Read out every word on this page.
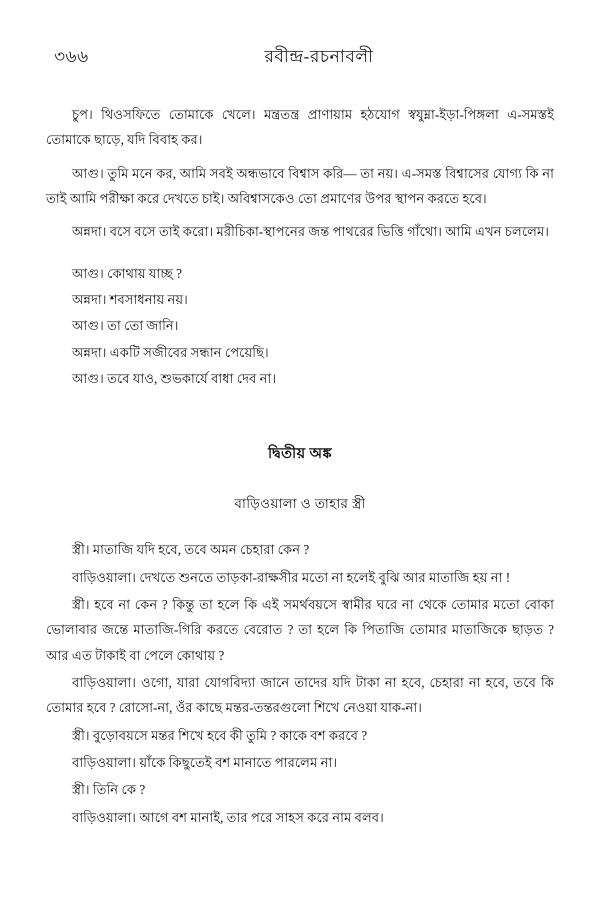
৩৬৬	রবীন্দ্র-রচনাবলী

চুপ। থিওসফিতে তোমাকে খেলে। মন্ত্রতন্ত্র প্রাণায়াম হঠযোগ স্বযুম্না-ইড়া-পিঙ্গলা এ-সমস্তই তোমাকে ছাড়ে, যদি বিবাহ কর।

আগু। তুমি মনে কর, আমি সবই অন্ধভাবে বিশ্বাস করি— তা নয়। এ-সমস্ত বিশ্বাসের যোগ্য কি না তাই আমি পরীক্ষা করে দেখতে চাই। অবিশ্বাসকেও তো প্রমাণের উপর স্থাপন করতে হবে।

অন্নদা। বসে বসে তাই করো। মরীচিকা-স্থাপনের জন্ত পাথরের ভিত্তি গাঁথো। আমি এখন চললেম।

আগু। কোথায় যাচ্ছ ?

অন্নদা। শবসাধনায় নয়।

আগু। তা তো জানি।

অন্নদা। একটি সজীবের সন্ধান পেয়েছি।

আগু। তবে যাও, শুভকার্যে বাধা দেব না।

দ্বিতীয় অঙ্ক

বাড়িওয়ালা ও তাহার স্ত্রী

স্ত্রী। মাতাজি যদি হবে, তবে অমন চেহারা কেন ?

বাড়িওয়ালা। দেখতে শুনতে তাড়কা-রাক্ষসীর মতো না হলেই বুঝি আর মাতাজি হয় না !

স্ত্রী। হবে না কেন ? কিন্তু তা হলে কি এই সমর্থবয়সে স্বামীর ঘরে না থেকে তোমার মতো বোকা ভোলাবার জন্তে মাতাজি-গিরি করতে বেরোত ? তা হলে কি পিতাজি তোমার মাতাজিকে ছাড়ত ? আর এত টাকাই বা পেলে কোথায় ?

বাড়িওয়ালা। ওগো, যারা যোগবিদ্যা জানে তাদের যদি টাকা না হবে, চেহারা না হবে, তবে কি তোমার হবে ? রোসো-না, ওঁর কাছে মন্তর-তন্তরগুলো শিখে নেওয়া যাক-না।

স্ত্রী। বুড়োবয়সে মন্তর শিখে হবে কী তুমি ? কাকে বশ করবে ?

বাড়িওয়ালা। য়াঁকে কিছুতেই বশ মানাতে পারলেম না।

স্ত্রী। তিনি কে ?

বাড়িওয়ালা। আগে বশ মানাই, তার পরে সাহস করে নাম বলব।
